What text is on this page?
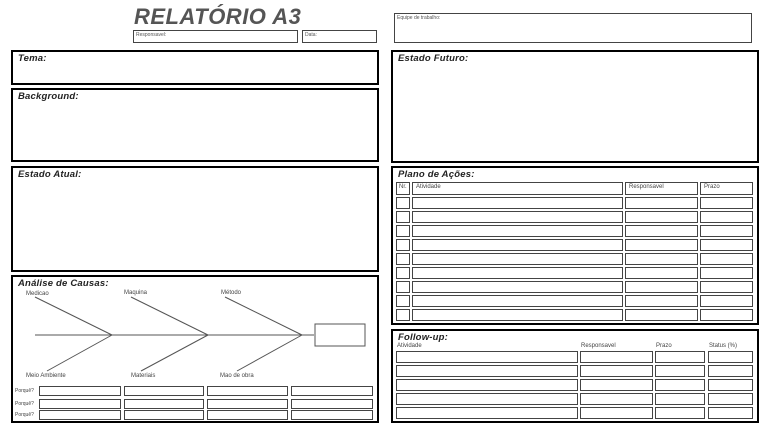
RELATÓRIO A3
Responsavel:	Data:
Equipe de trabalho:
Tema:
Background:
Estado Atual:
Análise de Causas:
Medicao	Maquina	Método
Meio Ambiente	Materiais	Mao de obra
Porquê?
Porquê?
Porquê?
Estado Futuro:
Plano de Ações:
Nr. Atividade	Responsavel	Prazo
Follow-up:
Atividade	Responsavel	Prazo	Status (%)
